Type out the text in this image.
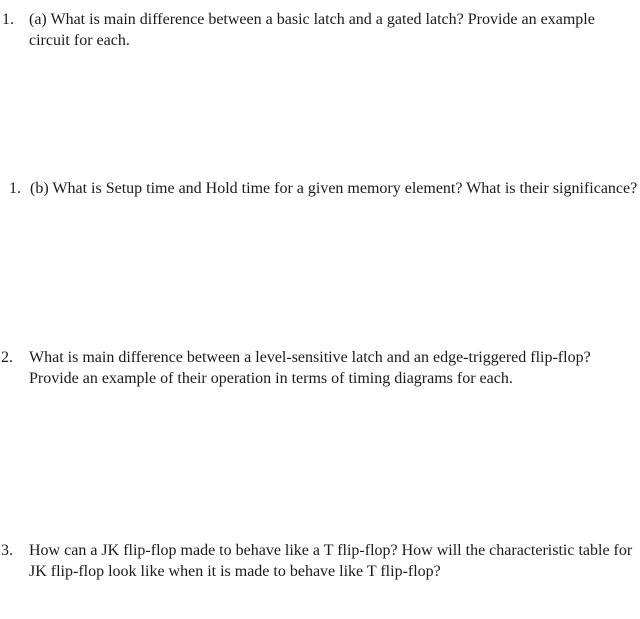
1. (a) What is main difference between a basic latch and a gated latch? Provide an example circuit for each.
1. (b) What is Setup time and Hold time for a given memory element? What is their significance?
2. What is main difference between a level-sensitive latch and an edge-triggered flip-flop? Provide an example of their operation in terms of timing diagrams for each.
3. How can a JK flip-flop made to behave like a T flip-flop? How will the characteristic table for JK flip-flop look like when it is made to behave like T flip-flop?
